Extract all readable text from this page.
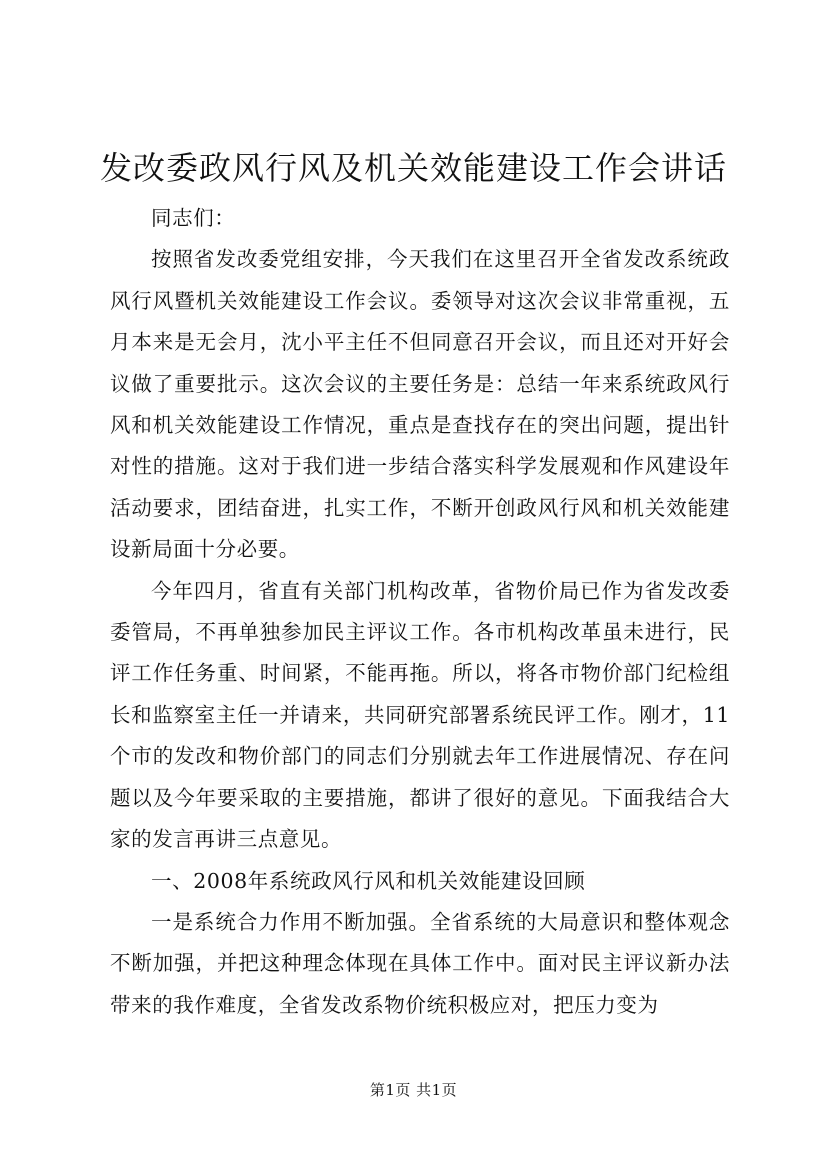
发改委政风行风及机关效能建设工作会讲话

同志们：

按照省发改委党组安排，今天我们在这里召开全省发改系统政风行风暨机关效能建设工作会议。委领导对这次会议非常重视，五月本来是无会月，沈小平主任不但同意召开会议，而且还对开好会议做了重要批示。这次会议的主要任务是：总结一年来系统政风行风和机关效能建设工作情况，重点是查找存在的突出问题，提出针对性的措施。这对于我们进一步结合落实科学发展观和作风建设年活动要求，团结奋进，扎实工作，不断开创政风行风和机关效能建设新局面十分必要。

今年四月，省直有关部门机构改革，省物价局已作为省发改委委管局，不再单独参加民主评议工作。各市机构改革虽未进行，民评工作任务重、时间紧，不能再拖。所以，将各市物价部门纪检组长和监察室主任一并请来，共同研究部署系统民评工作。刚才，11个市的发改和物价部门的同志们分别就去年工作进展情况、存在问题以及今年要采取的主要措施，都讲了很好的意见。下面我结合大家的发言再讲三点意见。

一、2008年系统政风行风和机关效能建设回顾

一是系统合力作用不断加强。全省系统的大局意识和整体观念不断加强，并把这种理念体现在具体工作中。面对民主评议新办法带来的我作难度，全省发改系物价统积极应对，把压力变为

第1页 共1页
